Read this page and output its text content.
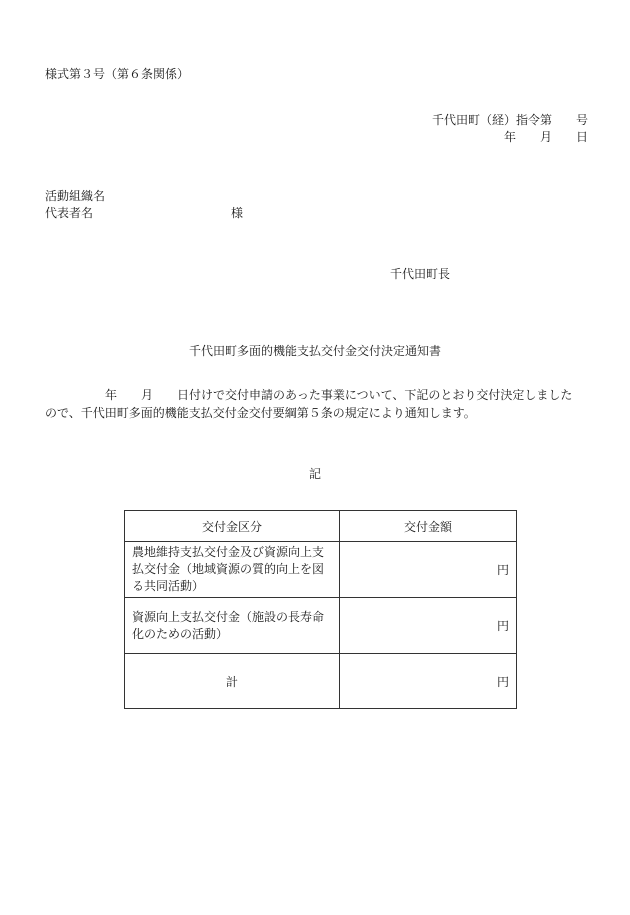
様式第３号（第６条関係）
千代田町（経）指令第　　号
年　　月　　日
活動組織名
代表者名	様
千代田町長
千代田町多面的機能支払交付金交付決定通知書
年　　月　　日付けで交付申請のあった事業について、下記のとおり交付決定しました
ので、千代田町多面的機能支払交付金交付要綱第５条の規定により通知します。
記
交付金区分	交付金額
農地維持支払交付金及び資源向上支払交付金（地域資源の質的向上を図る共同活動）	円
資源向上支払交付金（施設の長寿命化のための活動）	円
計	円
